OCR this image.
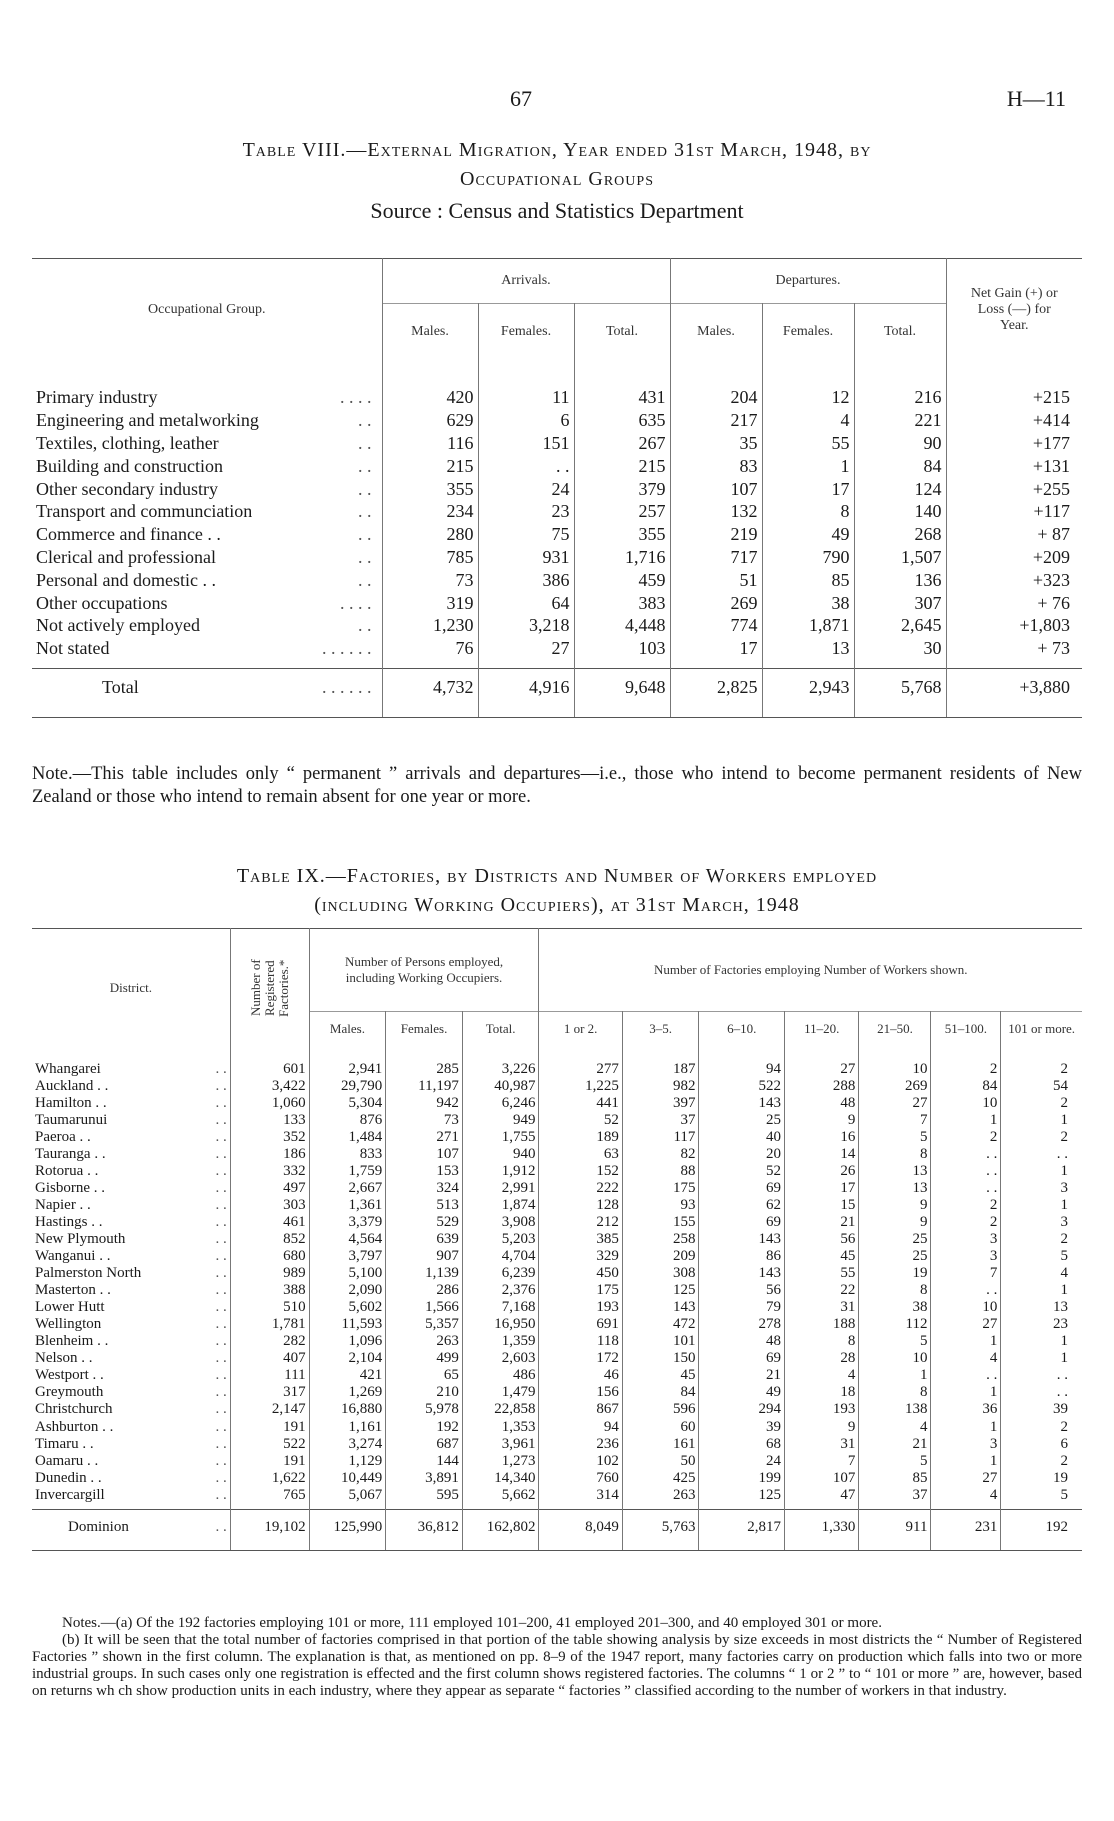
67	H—11
Table VIII.—External Migration, Year ended 31st March, 1948, by
Occupational Groups
Source : Census and Statistics Department
Occupational Group.	Arrivals.			Departures.			Net Gain (+) or Loss (—) for Year.
	Males.	Females.	Total.	Males.	Females.	Total.	

Primary industry . . . .	420	11	431	204	12	216	+215
Engineering and metalworking . .	629	6	635	217	4	221	+414
Textiles, clothing, leather . .	116	151	267	35	55	90	+177
Building and construction . .	215	. .	215	83	1	84	+131
Other secondary industry . .	355	24	379	107	17	124	+255
Transport and communciation . .	234	23	257	132	8	140	+117
Commerce and finance . . . .	280	75	355	219	49	268	+ 87
Clerical and professional . .	785	931	1,716	717	790	1,507	+209
Personal and domestic . . . .	73	386	459	51	85	136	+323
Other occupations . . . .	319	64	383	269	38	307	+ 76
Not actively employed . .	1,230	3,218	4,448	774	1,871	2,645	+1,803
Not stated . . . . . .	76	27	103	17	13	30	+ 73

Total . . . . . .	4,732	4,916	9,648	2,825	2,943	5,768	+3,880

Note.—This table includes only “ permanent ” arrivals and departures—i.e., those who intend to become permanent residents of New Zealand or those who intend to remain absent for one year or more.
Table IX.—Factories, by Districts and Number of Workers employed
(including Working Occupiers), at 31st March, 1948
District.	Number of Registered Factories.*	Number of Persons employed, including Working Occupiers.			Number of Factories employing Number of Workers shown.						
		Males.	Females.	Total.	1 or 2.	3–5.	6–10.	11–20.	21–50.	51–100.	101 or more.

Whangarei . .	601	2,941	285	3,226	277	187	94	27	10	2	2
Auckland . . . .	3,422	29,790	11,197	40,987	1,225	982	522	288	269	84	54
Hamilton . . . .	1,060	5,304	942	6,246	441	397	143	48	27	10	2
Taumarunui . .	133	876	73	949	52	37	25	9	7	1	1
Paeroa . . . .	352	1,484	271	1,755	189	117	40	16	5	2	2
Tauranga . . . .	186	833	107	940	63	82	20	14	8	. .	. .
Rotorua . . . .	332	1,759	153	1,912	152	88	52	26	13	. .	1
Gisborne . . . .	497	2,667	324	2,991	222	175	69	17	13	. .	3
Napier . . . .	303	1,361	513	1,874	128	93	62	15	9	2	1
Hastings . . . .	461	3,379	529	3,908	212	155	69	21	9	2	3
New Plymouth . .	852	4,564	639	5,203	385	258	143	56	25	3	2
Wanganui . . . .	680	3,797	907	4,704	329	209	86	45	25	3	5
Palmerston North . .	989	5,100	1,139	6,239	450	308	143	55	19	7	4
Masterton . . . .	388	2,090	286	2,376	175	125	56	22	8	. .	1
Lower Hutt . .	510	5,602	1,566	7,168	193	143	79	31	38	10	13
Wellington . .	1,781	11,593	5,357	16,950	691	472	278	188	112	27	23
Blenheim . . . .	282	1,096	263	1,359	118	101	48	8	5	1	1
Nelson . . . .	407	2,104	499	2,603	172	150	69	28	10	4	1
Westport . . . .	111	421	65	486	46	45	21	4	1	. .	. .
Greymouth . .	317	1,269	210	1,479	156	84	49	18	8	1	. .
Christchurch . .	2,147	16,880	5,978	22,858	867	596	294	193	138	36	39
Ashburton . . . .	191	1,161	192	1,353	94	60	39	9	4	1	2
Timaru . . . .	522	3,274	687	3,961	236	161	68	31	21	3	6
Oamaru . . . .	191	1,129	144	1,273	102	50	24	7	5	1	2
Dunedin . . . .	1,622	10,449	3,891	14,340	760	425	199	107	85	27	19
Invercargill . .	765	5,067	595	5,662	314	263	125	47	37	4	5

Dominion . .	19,102	125,990	36,812	162,802	8,049	5,763	2,817	1,330	911	231	192

Notes.—(a) Of the 192 factories employing 101 or more, 111 employed 101–200, 41 employed 201–300, and 40 employed 301 or more.
(b) It will be seen that the total number of factories comprised in that portion of the table showing analysis by size exceeds in most districts the “ Number of Registered Factories ” shown in the first column. The explanation is that, as mentioned on pp. 8–9 of the 1947 report, many factories carry on production which falls into two or more industrial groups. In such cases only one registration is effected and the first column shows registered factories. The columns “ 1 or 2 ” to “ 101 or more ” are, however, based on returns wh ch show production units in each industry, where they appear as separate “ factories ” classified according to the number of workers in that industry.
